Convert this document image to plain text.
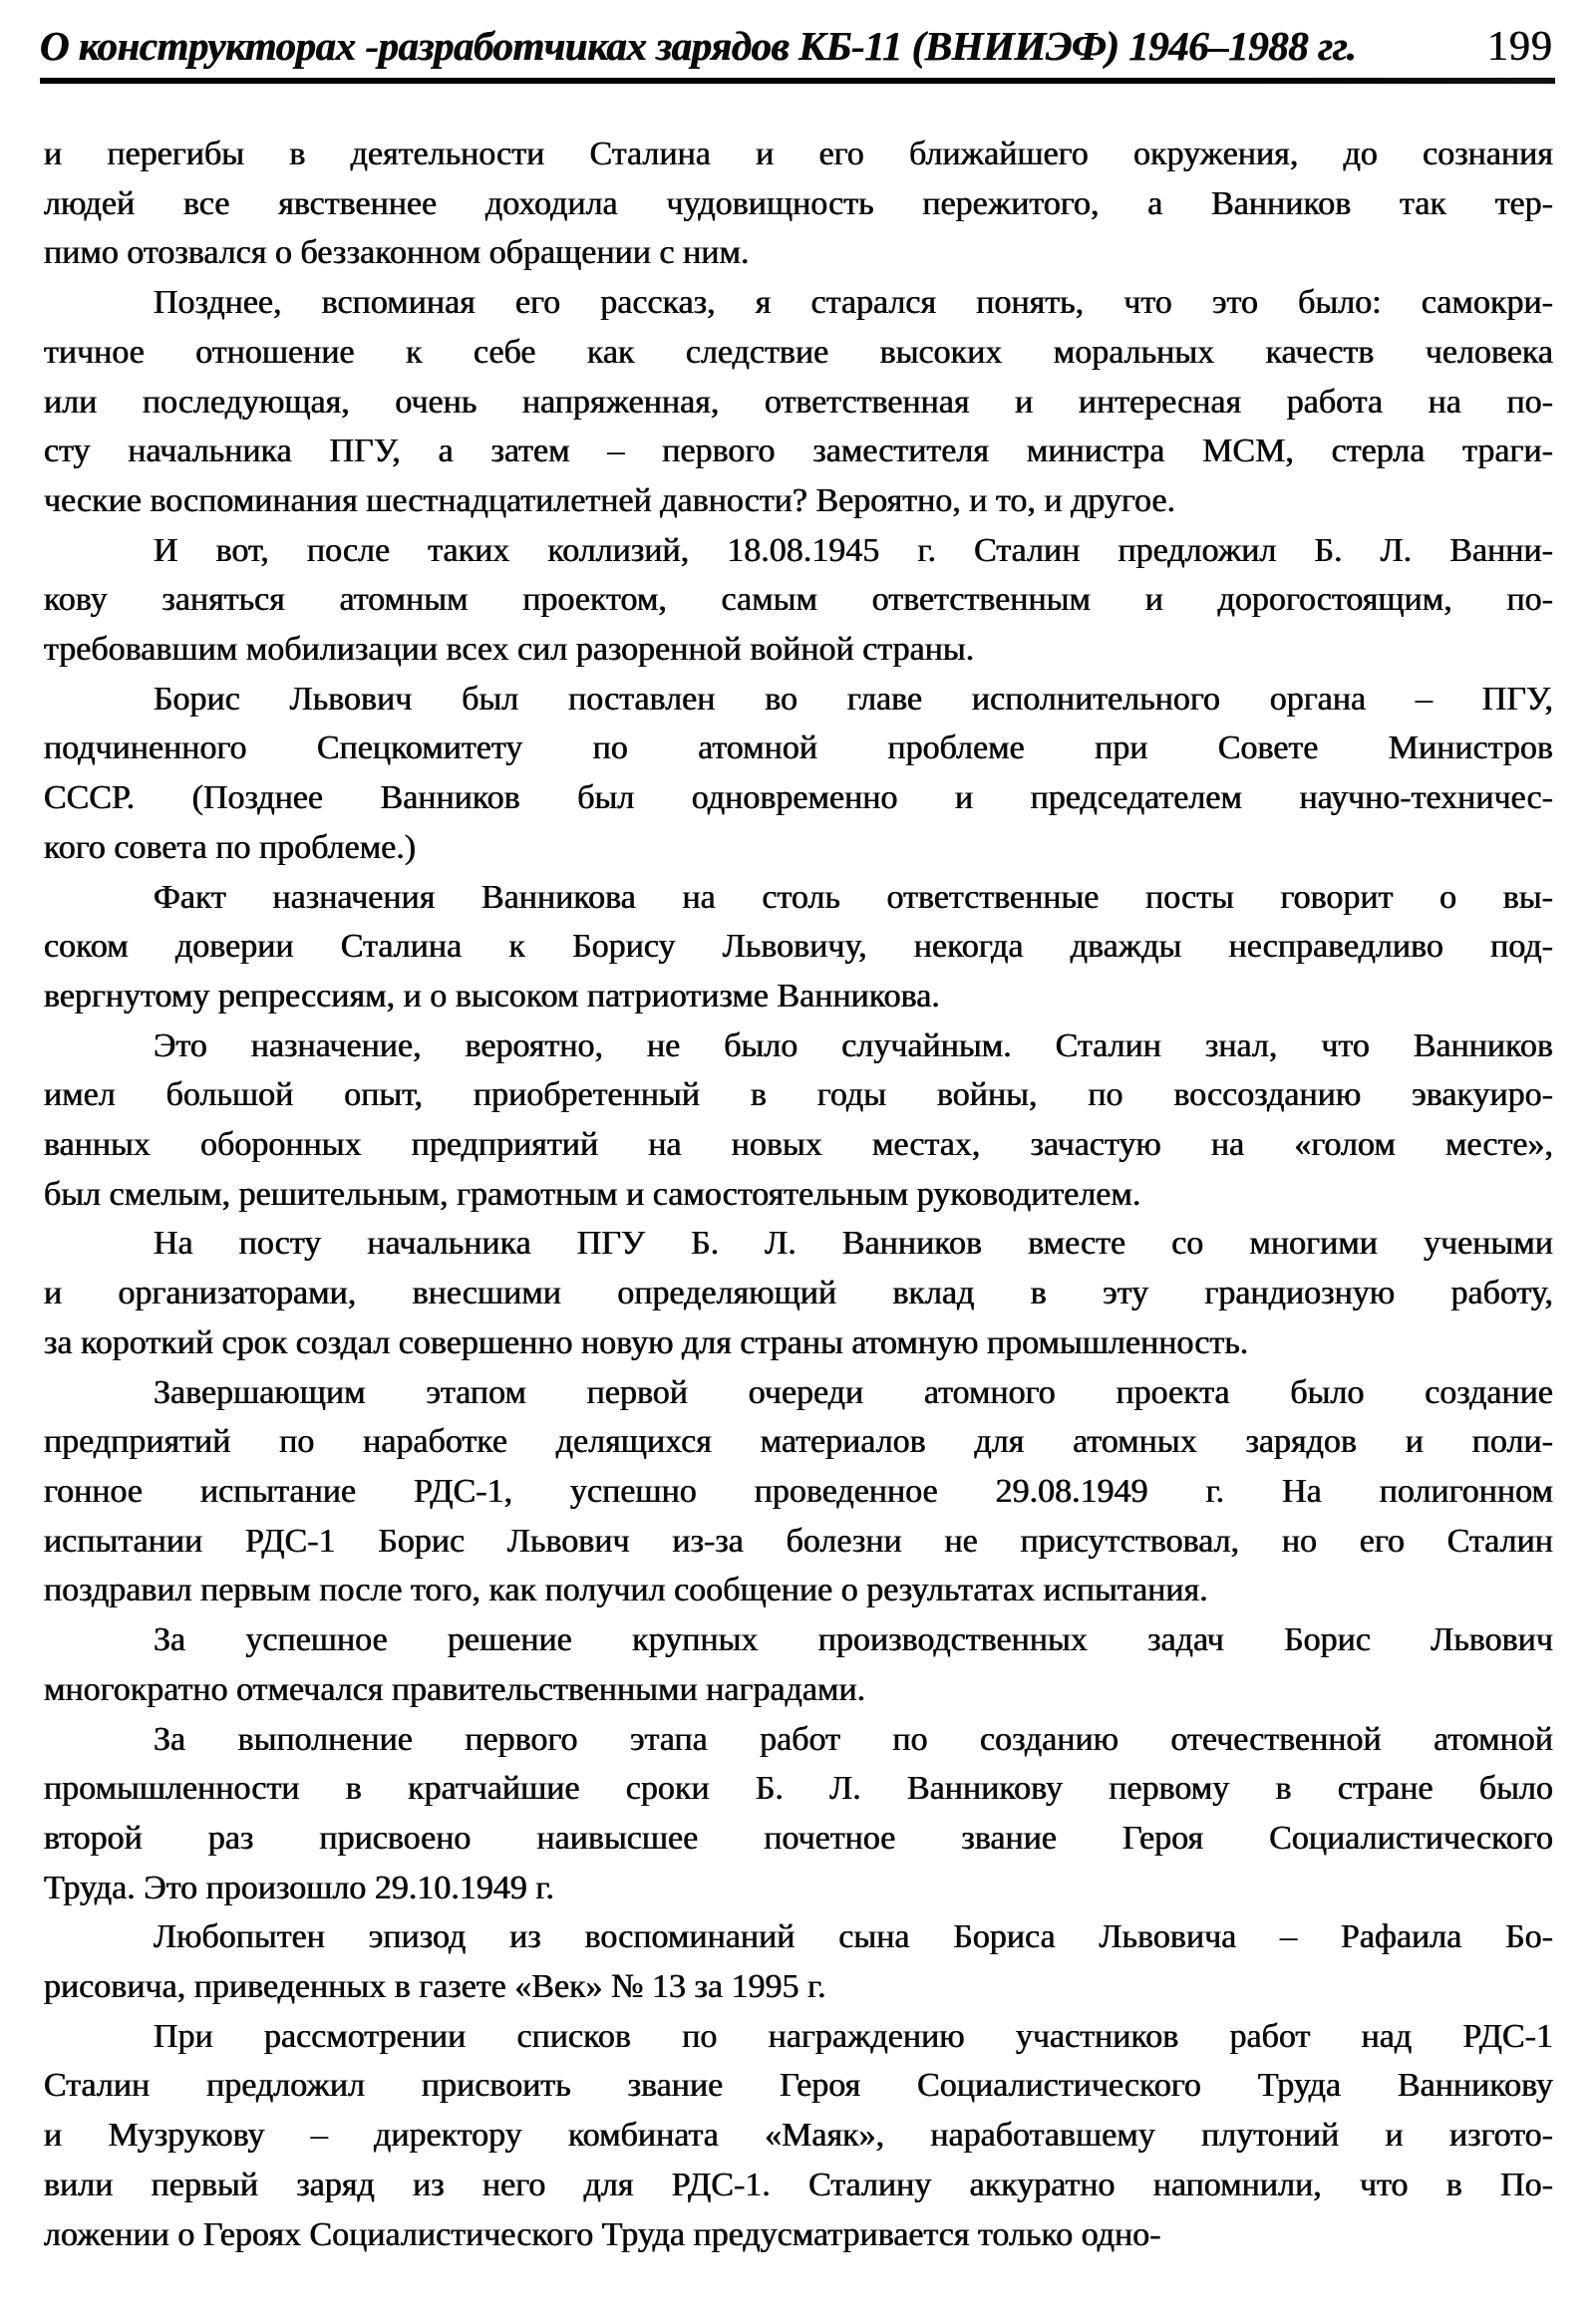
О конструкторах -разработчиках зарядов КБ-11 (ВНИИЭФ) 1946–1988 гг.	199
и перегибы в деятельности Сталина и его ближайшего окружения, до сознания
людей все явственнее доходила чудовищность пережитого, а Ванников так тер-
пимо отозвался о беззаконном обращении с ним.
Позднее, вспоминая его рассказ, я старался понять, что это было: самокри-
тичное отношение к себе как следствие высоких моральных качеств человека
или последующая, очень напряженная, ответственная и интересная работа на по-
сту начальника ПГУ, а затем – первого заместителя министра МСМ, стерла траги-
ческие воспоминания шестнадцатилетней давности? Вероятно, и то, и другое.
И вот, после таких коллизий, 18.08.1945 г. Сталин предложил Б. Л. Ванни-
кову заняться атомным проектом, самым ответственным и дорогостоящим, по-
требовавшим мобилизации всех сил разоренной войной страны.
Борис Львович был поставлен во главе исполнительного органа – ПГУ,
подчиненного Спецкомитету по атомной проблеме при Совете Министров
СССР. (Позднее Ванников был одновременно и председателем научно-техничес-
кого совета по проблеме.)
Факт назначения Ванникова на столь ответственные посты говорит о вы-
соком доверии Сталина к Борису Львовичу, некогда дважды несправедливо под-
вергнутому репрессиям, и о высоком патриотизме Ванникова.
Это назначение, вероятно, не было случайным. Сталин знал, что Ванников
имел большой опыт, приобретенный в годы войны, по воссозданию эвакуиро-
ванных оборонных предприятий на новых местах, зачастую на «голом месте»,
был смелым, решительным, грамотным и самостоятельным руководителем.
На посту начальника ПГУ Б. Л. Ванников вместе со многими учеными
и организаторами, внесшими определяющий вклад в эту грандиозную работу,
за короткий срок создал совершенно новую для страны атомную промышленность.
Завершающим этапом первой очереди атомного проекта было создание
предприятий по наработке делящихся материалов для атомных зарядов и поли-
гонное испытание РДС-1, успешно проведенное 29.08.1949 г. На полигонном
испытании РДС-1 Борис Львович из-за болезни не присутствовал, но его Сталин
поздравил первым после того, как получил сообщение о результатах испытания.
За успешное решение крупных производственных задач Борис Львович
многократно отмечался правительственными наградами.
За выполнение первого этапа работ по созданию отечественной атомной
промышленности в кратчайшие сроки Б. Л. Ванникову первому в стране было
второй раз присвоено наивысшее почетное звание Героя Социалистического
Труда. Это произошло 29.10.1949 г.
Любопытен эпизод из воспоминаний сына Бориса Львовича – Рафаила Бо-
рисовича, приведенных в газете «Век» № 13 за 1995 г.
При рассмотрении списков по награждению участников работ над РДС-1
Сталин предложил присвоить звание Героя Социалистического Труда Ванникову
и Музрукову – директору комбината «Маяк», наработавшему плутоний и изгото-
вили первый заряд из него для РДС-1. Сталину аккуратно напомнили, что в По-
ложении о Героях Социалистического Труда предусматривается только одно-
